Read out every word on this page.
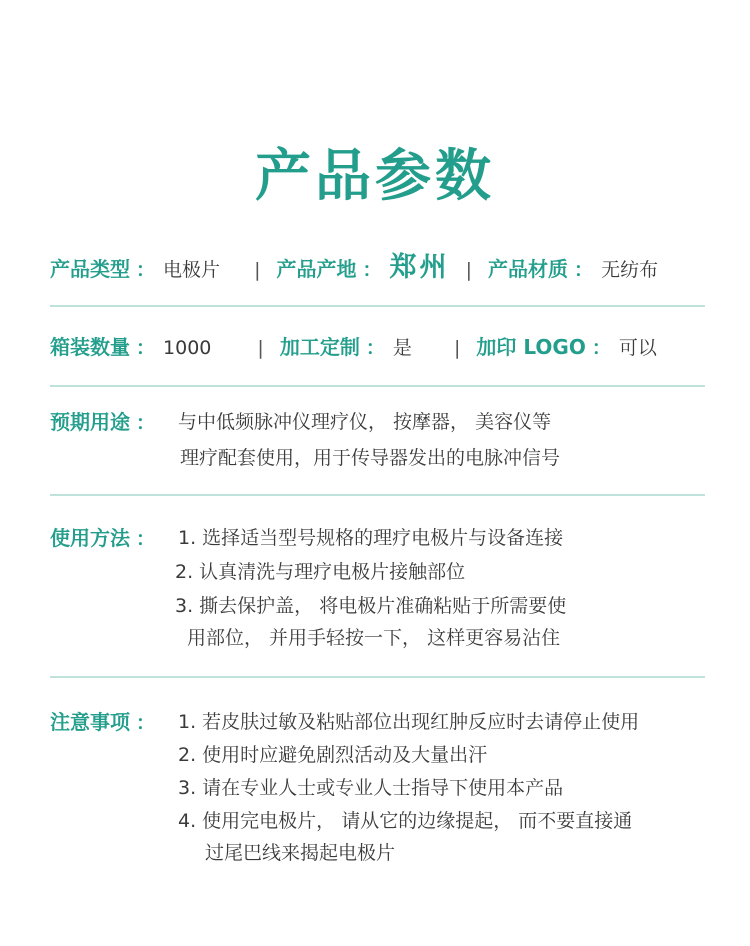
产品参数
产品类型 ： 电极片 | 产品产地 ： 郑州 | 产品材质 ： 无纺布
箱装数量 ： 1000 | 加工定制 ： 是 | 加印 LOGO ： 可以
预期用途 ：	与中低频脉冲仪理疗仪， 按摩器， 美容仪等
理疗配套使用，用于传导器发出的电脉冲信号
使用方法 ：	1. 选择适当型号规格的理疗电极片与设备连接
2. 认真清洗与理疗电极片接触部位
3. 撕去保护盖， 将电极片准确粘贴于所需要使
用部位， 并用手轻按一下， 这样更容易沾住
注意事项 ：	1. 若皮肤过敏及粘贴部位出现红肿反应时去请停止使用
2. 使用时应避免剧烈活动及大量出汗
3. 请在专业人士或专业人士指导下使用本产品
4. 使用完电极片， 请从它的边缘提起， 而不要直接通
过尾巴线来揭起电极片
